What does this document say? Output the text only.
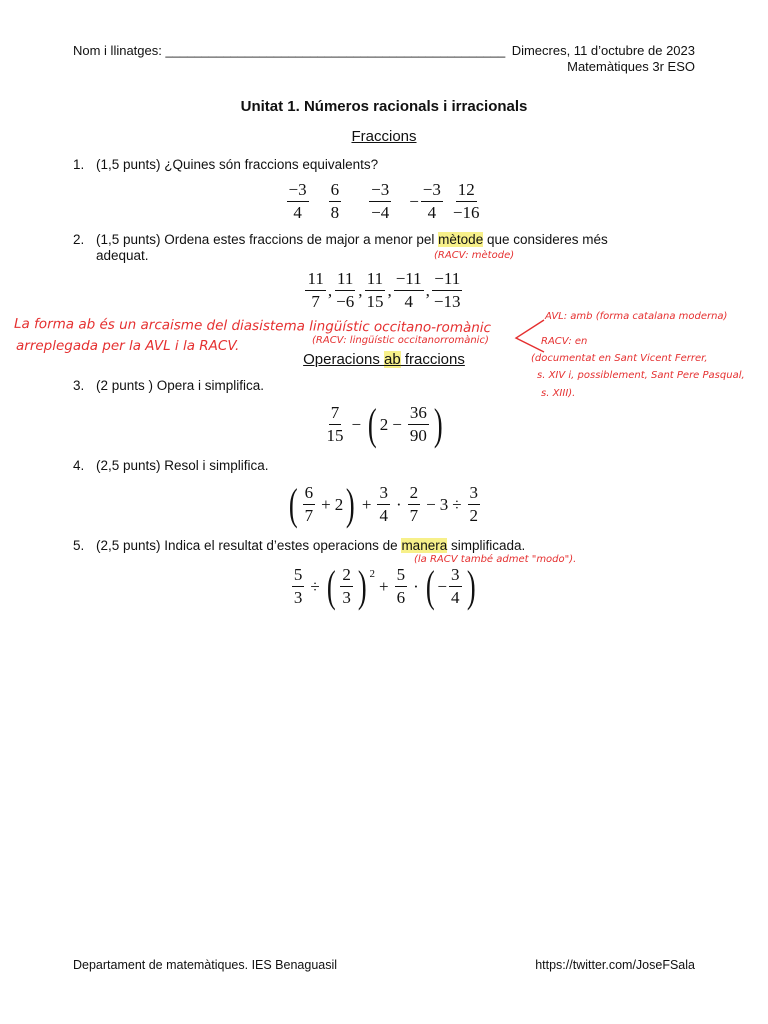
Nom i llinatges: _______________________________________________ Dimecres, 11 d’octubre de 2023
Matemàtiques 3r ESO
Unitat 1. Números racionals i irracionals
Fraccions
1. (1,5 punts) ¿Quines són fraccions equivalents?
$\frac{-3}{4} \frac{6}{8} \frac{-3}{-4} - \frac{-3}{4} \frac{12}{-16}$
2. (1,5 punts) Ordena estes fraccions de major a menor pel mètode que consideres més adequat.	(RACV: mètode)
$\frac{11}{7}$ , $\frac{11}{-6}$ , $\frac{11}{15}$ , $\frac{-11}{4}$ , $\frac{-11}{-13}$
La forma ab és un arcaisme del diasistema lingüístic occitano-romànic
arreplegada per la AVL i la RACV.	(RACV: lingüístic occitanorromànic)
AVL: amb (forma catalana moderna)
RACV: en
(documentat en Sant Vicent Ferrer,
s. XIV i, possiblement, Sant Pere Pasqual,
s. XIII).
Operacions ab fraccions
3. (2 punts ) Opera i simplifica.
$\frac{7}{15}$ − ( $2 - \frac{36}{90}$ )
4. (2,5 punts) Resol i simplifica.
( $\frac{6}{7} + 2$ ) + $\frac{3}{4} \cdot \frac{2}{7} - 3 \div \frac{3}{2}$
5. (2,5 punts) Indica el resultat d’estes operacions de manera simplificada.
(la RACV també admet "modo").
$\frac{5}{3}$ ÷ ( $\frac{2}{3}$ ) $^2$
+ $\frac{5}{6}$ · ( − $\frac{3}{4}$ )
Departament de matemàtiques. IES Benaguasil	https://twitter.com/JoseFSala
